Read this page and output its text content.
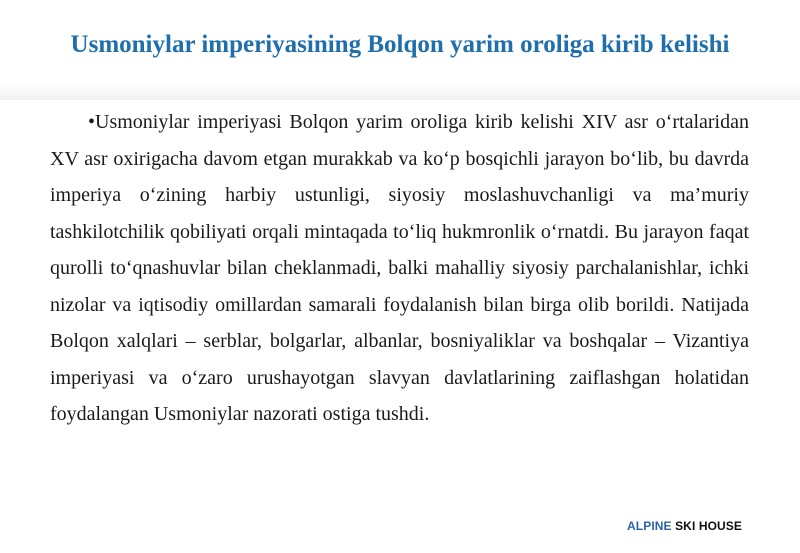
Usmoniylar imperiyasining Bolqon yarim oroliga kirib kelishi

•Usmoniylar imperiyasi Bolqon yarim oroliga kirib kelishi XIV asr o‘rtalaridan XV asr oxirigacha davom etgan murakkab va ko‘p bosqichli jarayon bo‘lib, bu davrda imperiya o‘zining harbiy ustunligi, siyosiy moslashuvchanligi va ma’muriy tashkilotchilik qobiliyati orqali mintaqada to‘liq hukmronlik o‘rnatdi. Bu jarayon faqat qurolli to‘qnashuvlar bilan cheklanmadi, balki mahalliy siyosiy parchalanishlar, ichki nizolar va iqtisodiy omillardan samarali foydalanish bilan birga olib borildi. Natijada Bolqon xalqlari – serblar, bolgarlar, albanlar, bosniyaliklar va boshqalar – Vizantiya imperiyasi va o‘zaro urushayotgan slavyan davlatlarining zaiflashgan holatidan foydalangan Usmoniylar nazorati ostiga tushdi.

ALPINE SKI HOUSE
